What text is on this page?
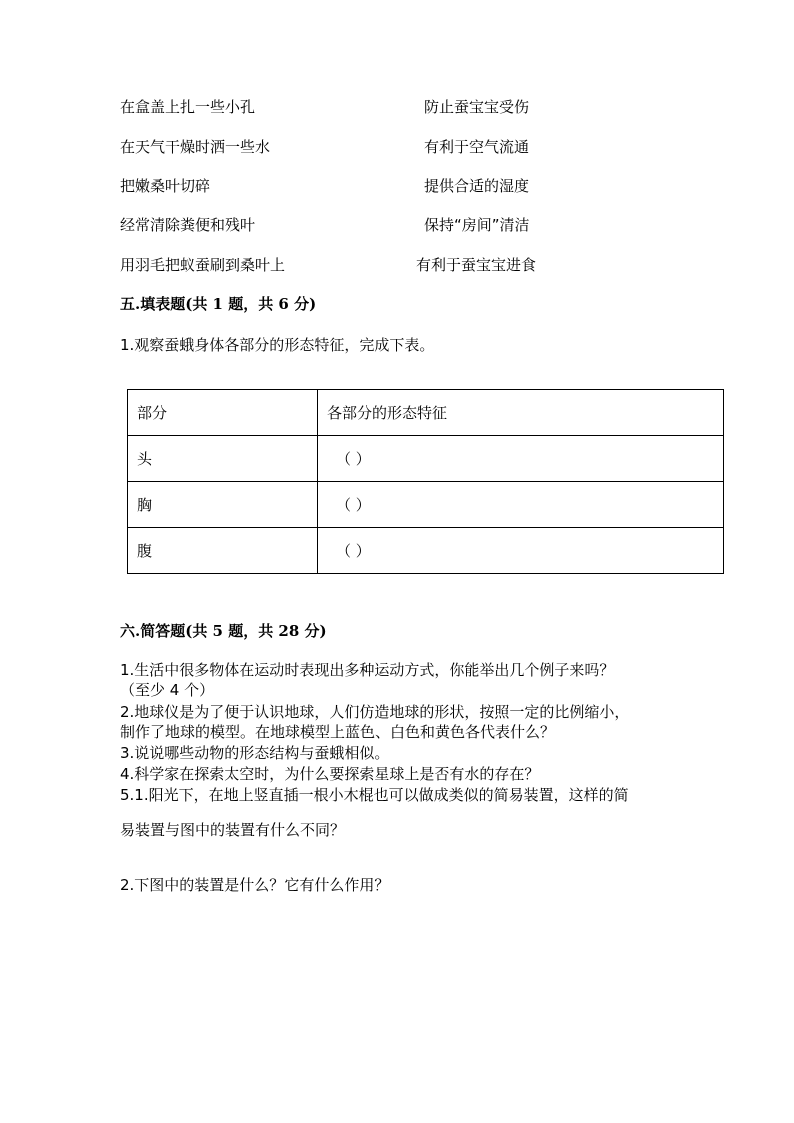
在盒盖上扎一些小孔	防止蚕宝宝受伤
在天气干燥时洒一些水	有利于空气流通
把嫩桑叶切碎	提供合适的湿度
经常清除粪便和残叶	保持“房间”清洁
用羽毛把蚁蚕刷到桑叶上	有利于蚕宝宝进食
五.填表题(共 1 题，共 6 分)
1.观察蚕蛾身体各部分的形态特征，完成下表。
部分	各部分的形态特征
头	（ ）
胸	（ ）
腹	（ ）
六.简答题(共 5 题，共 28 分)
1.生活中很多物体在运动时表现出多种运动方式，你能举出几个例子来吗？
（至少 4 个）
2.地球仪是为了便于认识地球，人们仿造地球的形状，按照一定的比例缩小，
制作了地球的模型。在地球模型上蓝色、白色和黄色各代表什么？
3.说说哪些动物的形态结构与蚕蛾相似。
4.科学家在探索太空时，为什么要探索星球上是否有水的存在？
5.1.阳光下，在地上竖直插一根小木棍也可以做成类似的简易装置，这样的简
易装置与图中的装置有什么不同？
2.下图中的装置是什么？它有什么作用？
